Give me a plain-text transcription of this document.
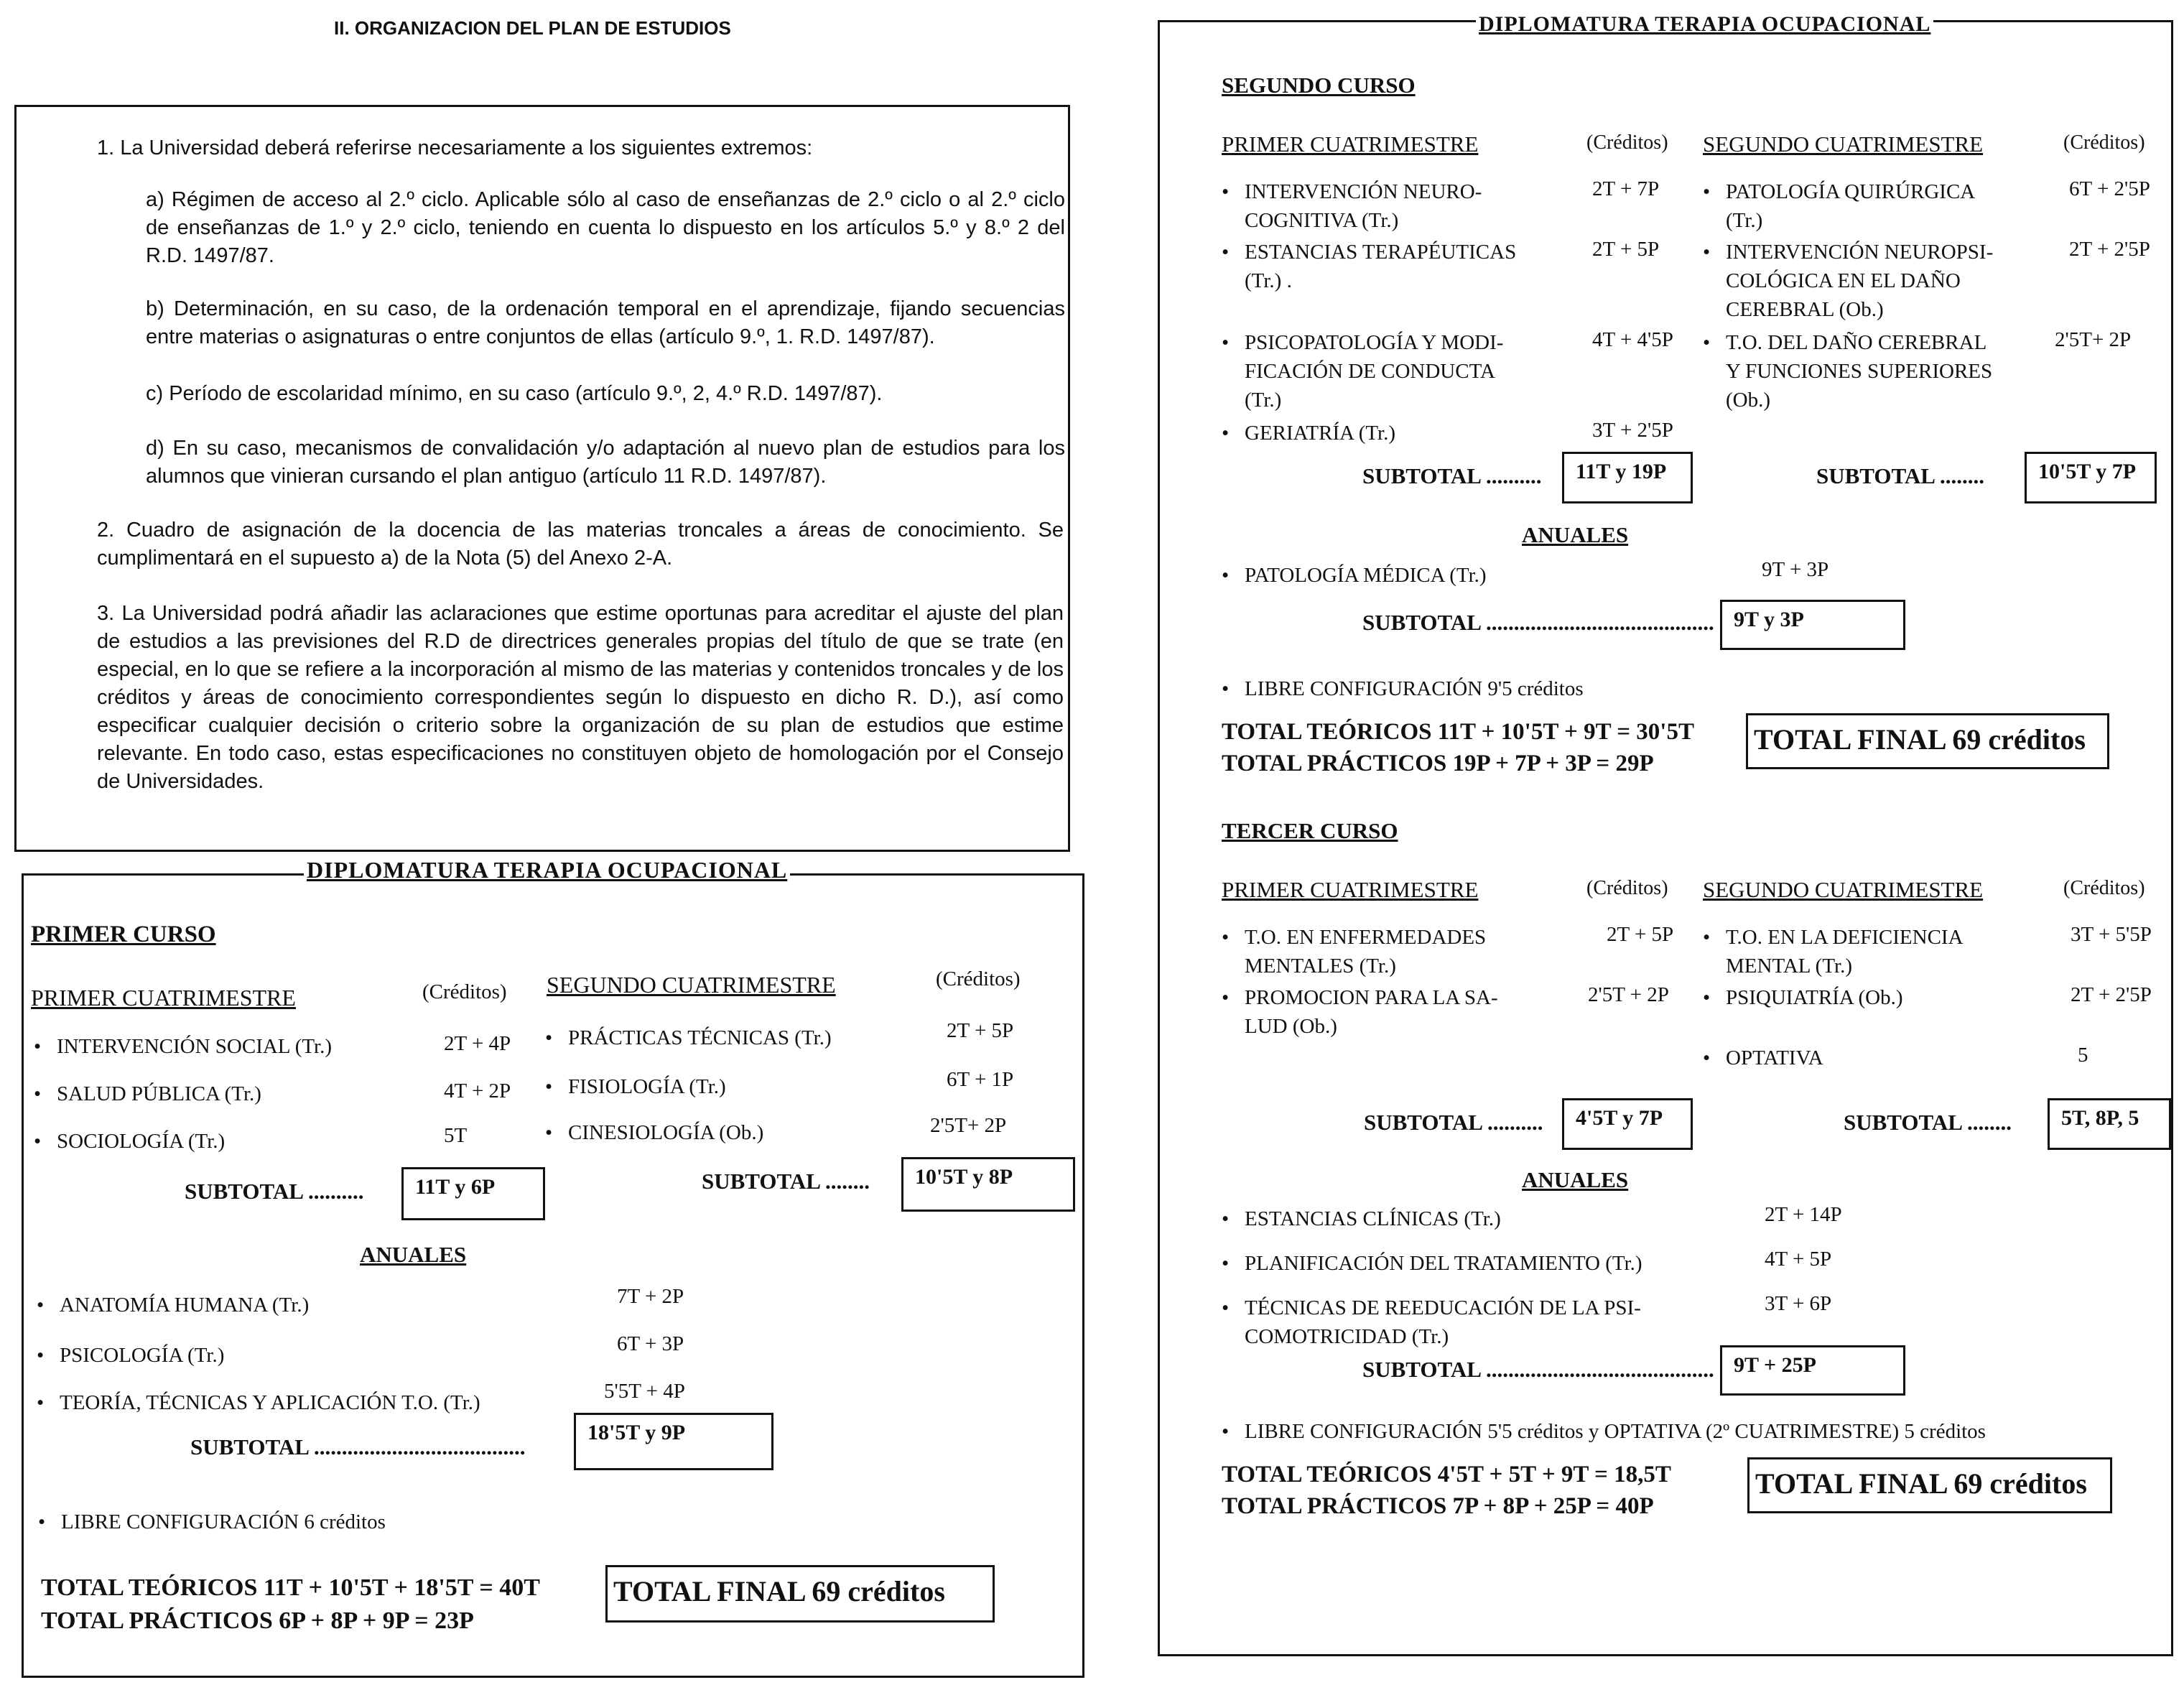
II. ORGANIZACION DEL PLAN DE ESTUDIOS
1. La Universidad deberá referirse necesariamente a los siguientes extremos:
a) Régimen de acceso al 2.º ciclo. Aplicable sólo al caso de enseñanzas de 2.º ciclo o al 2.º ciclo de enseñanzas de 1.º y 2.º ciclo, teniendo en cuenta lo dispuesto en los artículos 5.º y 8.º 2 del R.D. 1497/87.
b) Determinación, en su caso, de la ordenación temporal en el aprendizaje, fijando secuencias entre materias o asignaturas o entre conjuntos de ellas (artículo 9.º, 1. R.D. 1497/87).
c) Período de escolaridad mínimo, en su caso (artículo 9.º, 2, 4.º R.D. 1497/87).
d) En su caso, mecanismos de convalidación y/o adaptación al nuevo plan de estudios para los alumnos que vinieran cursando el plan antiguo (artículo 11 R.D. 1497/87).
2. Cuadro de asignación de la docencia de las materias troncales a áreas de conocimiento. Se cumplimentará en el supuesto a) de la Nota (5) del Anexo 2-A.
3. La Universidad podrá añadir las aclaraciones que estime oportunas para acreditar el ajuste del plan de estudios a las previsiones del R.D de directrices generales propias del título de que se trate (en especial, en lo que se refiere a la incorporación al mismo de las materias y contenidos troncales y de los créditos y áreas de conocimiento correspondientes según lo dispuesto en dicho R. D.), así como especificar cualquier decisión o criterio sobre la organización de su plan de estudios que estime relevante. En todo caso, estas especificaciones no constituyen objeto de homologación por el Consejo de Universidades.
DIPLOMATURA TERAPIA OCUPACIONAL
PRIMER CURSO
PRIMER CUATRIMESTRE	(Créditos) SEGUNDO CUATRIMESTRE	(Créditos)
• INTERVENCIÓN SOCIAL (Tr.)	2T + 4P
• SALUD PÚBLICA (Tr.)	4T + 2P
• SOCIOLOGÍA (Tr.)	5T
• PRÁCTICAS TÉCNICAS (Tr.)	2T + 5P
• FISIOLOGÍA (Tr.)	6T + 1P
• CINESIOLOGÍA (Ob.)	2'5T+ 2P
SUBTOTAL ..........	11T y 6P	SUBTOTAL ........	10'5T y 8P
ANUALES
• ANATOMÍA HUMANA (Tr.)	7T + 2P
• PSICOLOGÍA (Tr.)	6T + 3P
• TEORÍA, TÉCNICAS Y APLICACIÓN T.O. (Tr.)	5'5T + 4P
SUBTOTAL ......................................
18'5T y 9P
• LIBRE CONFIGURACIÓN 6 créditos
TOTAL TEÓRICOS 11T + 10'5T + 18'5T = 40T
TOTAL PRÁCTICOS 6P + 8P + 9P = 23P
TOTAL FINAL 69 créditos
DIPLOMATURA TERAPIA OCUPACIONAL
SEGUNDO CURSO
PRIMER CUATRIMESTRE	(Créditos) SEGUNDO CUATRIMESTRE	(Créditos)
• INTERVENCIÓN NEURO-
COGNITIVA (Tr.)
2T + 7P
• ESTANCIAS TERAPÉUTICAS
(Tr.) .
2T + 5P
• PSICOPATOLOGÍA Y MODI-
FICACIÓN DE CONDUCTA
(Tr.)
4T + 4'5P
• GERIATRÍA (Tr.)	3T + 2'5P
• PATOLOGÍA QUIRÚRGICA
(Tr.)
6T + 2'5P
• INTERVENCIÓN NEUROPSI-
COLÓGICA EN EL DAÑO
CEREBRAL (Ob.)
2T + 2'5P
• T.O. DEL DAÑO CEREBRAL
Y FUNCIONES SUPERIORES
(Ob.)
2'5T+ 2P
SUBTOTAL ..........	11T y 19P	SUBTOTAL ........	10'5T y 7P
ANUALES
• PATOLOGÍA MÉDICA (Tr.)	9T + 3P
SUBTOTAL ......................................... 9T y 3P
• LIBRE CONFIGURACIÓN 9'5 créditos
TOTAL TEÓRICOS 11T + 10'5T + 9T = 30'5T
TOTAL PRÁCTICOS 19P + 7P + 3P = 29P
TOTAL FINAL 69 créditos
TERCER CURSO
PRIMER CUATRIMESTRE	(Créditos) SEGUNDO CUATRIMESTRE	(Créditos)
• T.O. EN ENFERMEDADES
MENTALES (Tr.)
2T + 5P
• PROMOCION PARA LA SA-
LUD (Ob.)
2'5T + 2P
• T.O. EN LA DEFICIENCIA
MENTAL (Tr.)
3T + 5'5P
• PSIQUIATRÍA (Ob.)	2T + 2'5P
• OPTATIVA	5
SUBTOTAL ..........	4'5T y 7P	SUBTOTAL ........	5T, 8P, 5
ANUALES
• ESTANCIAS CLÍNICAS (Tr.)	2T + 14P
• PLANIFICACIÓN DEL TRATAMIENTO (Tr.)	4T + 5P
• TÉCNICAS DE REEDUCACIÓN DE LA PSI-
COMOTRICIDAD (Tr.)
3T + 6P
SUBTOTAL ......................................... 9T + 25P
• LIBRE CONFIGURACIÓN 5'5 créditos y OPTATIVA (2º CUATRIMESTRE) 5 créditos
TOTAL TEÓRICOS 4'5T + 5T + 9T = 18,5T
TOTAL PRÁCTICOS 7P + 8P + 25P = 40P
TOTAL FINAL 69 créditos
